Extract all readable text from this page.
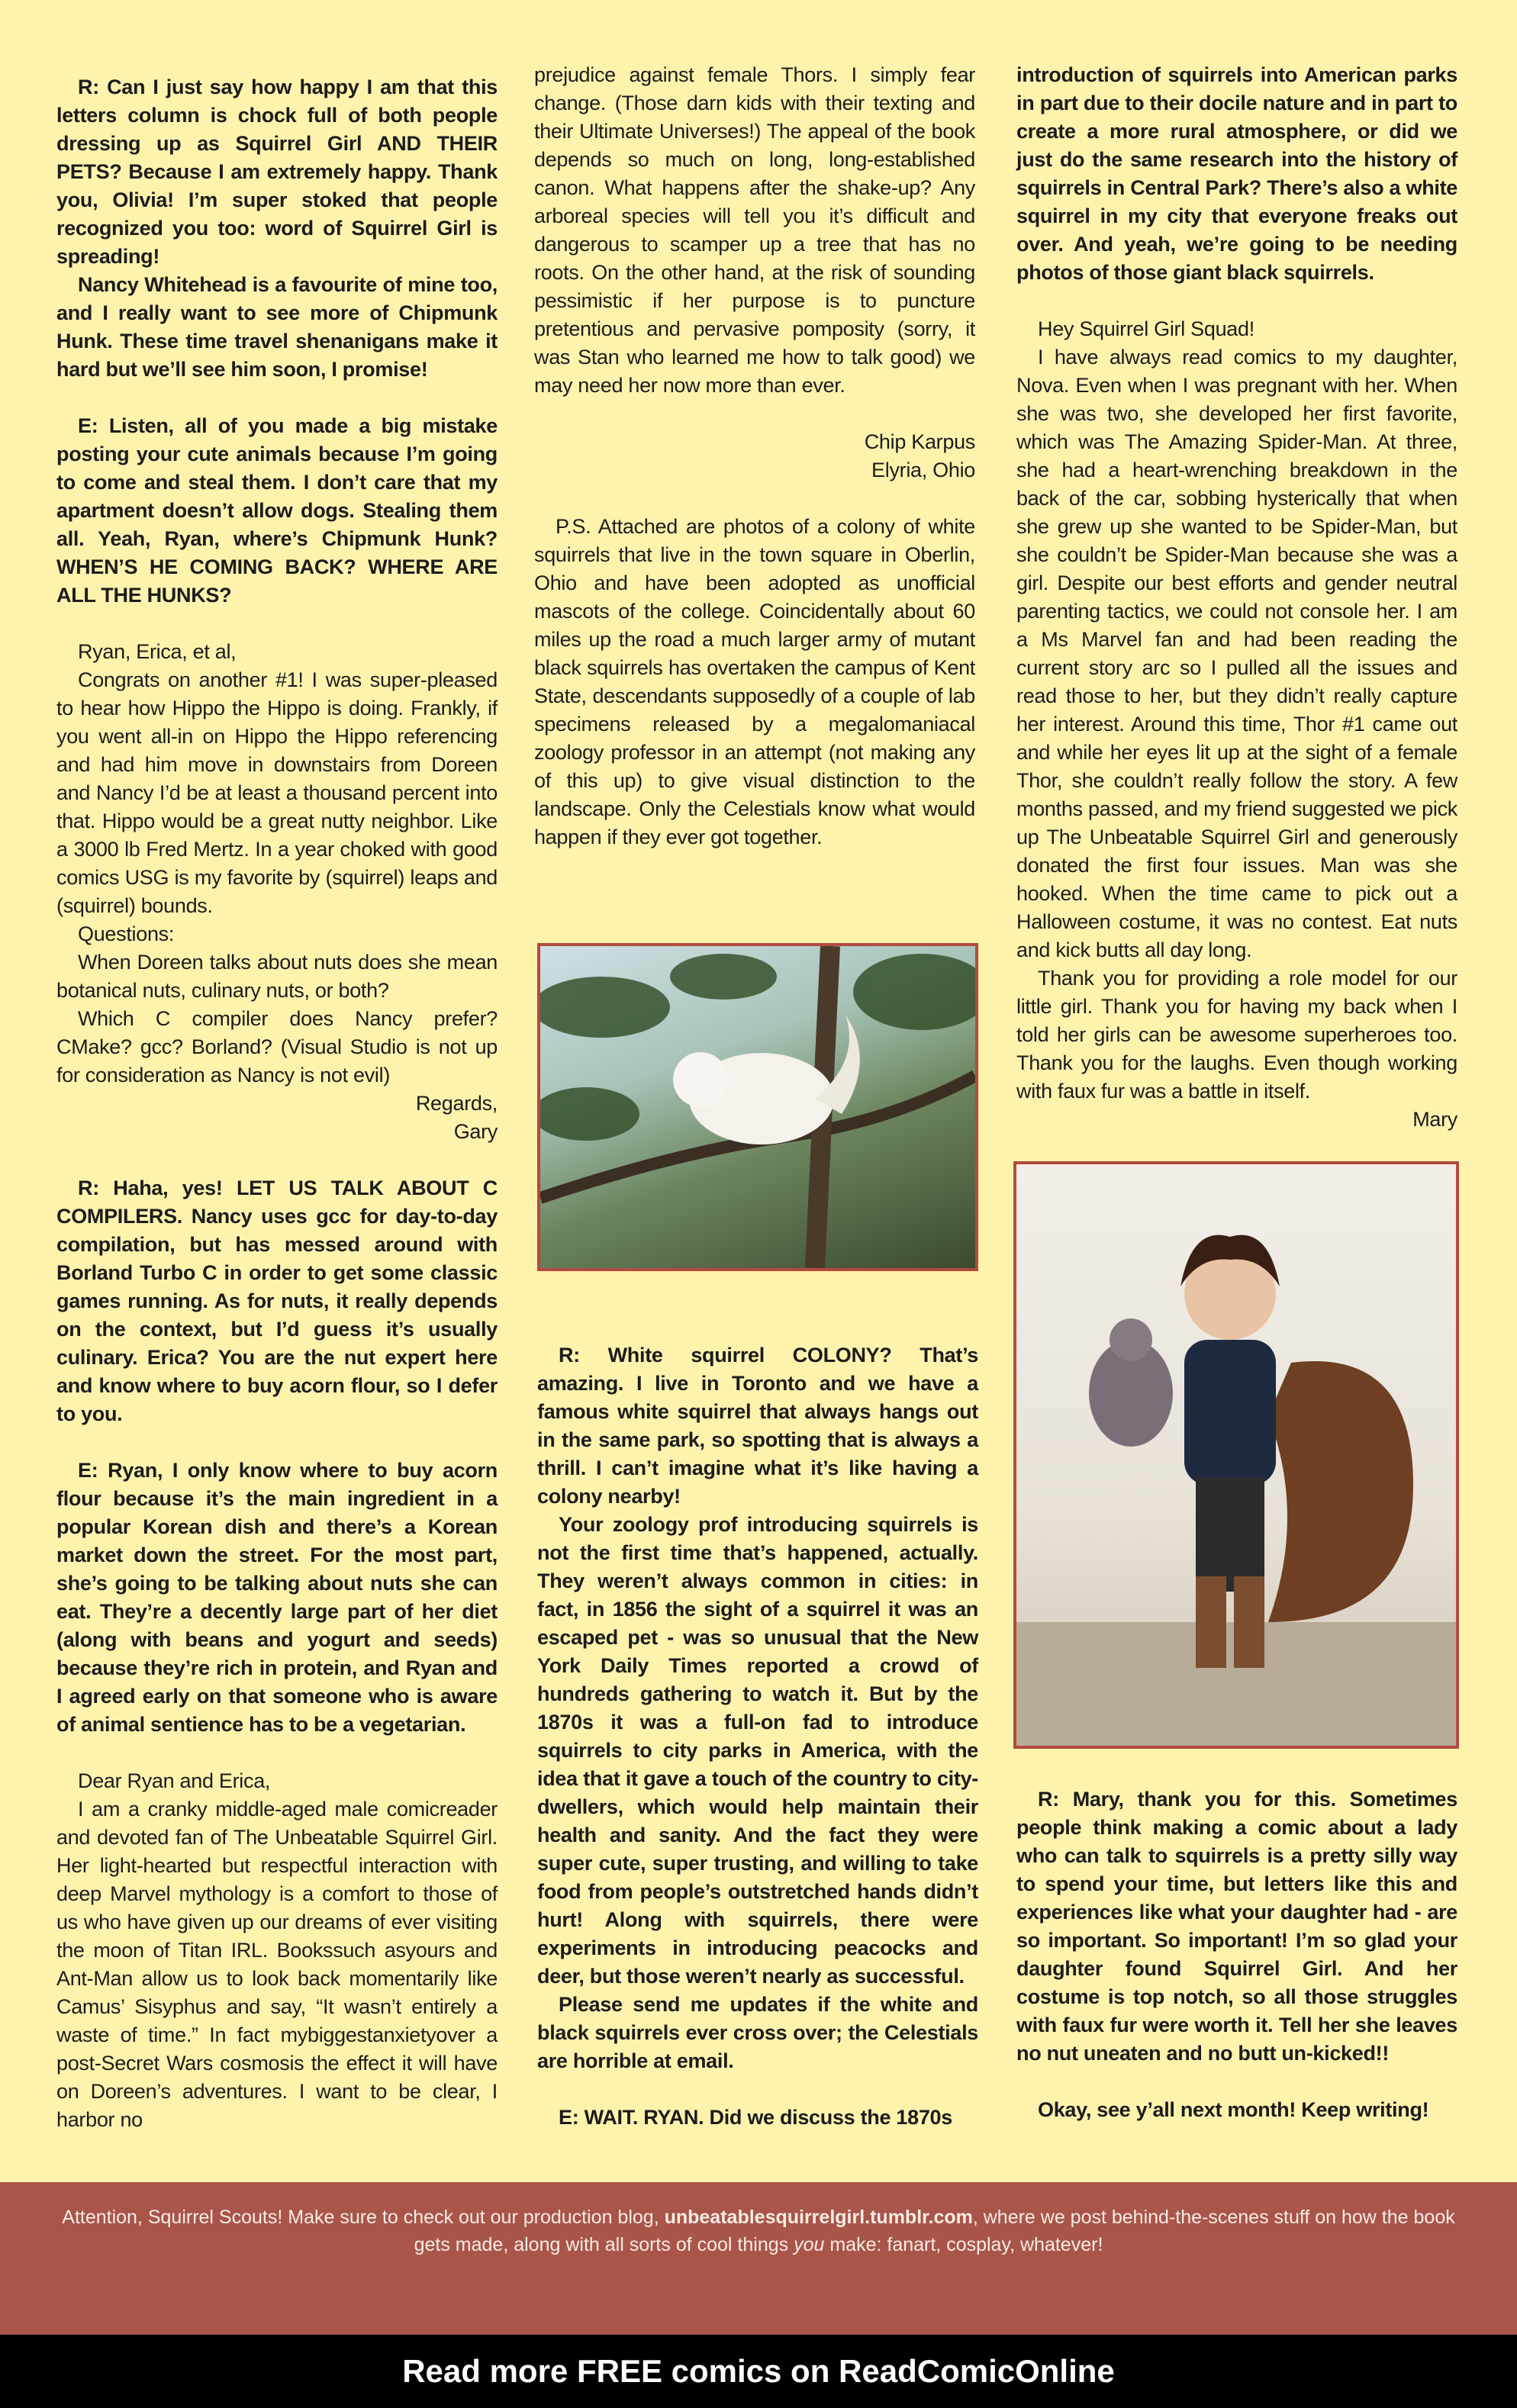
R: Can I just say how happy I am that this letters column is chock full of both people dressing up as Squirrel Girl AND THEIR PETS? Because I am extremely happy. Thank you, Olivia! I’m super stoked that people recognized you too: word of Squirrel Girl is spreading!

Nancy Whitehead is a favourite of mine too, and I really want to see more of Chipmunk Hunk. These time travel shenanigans make it hard but we’ll see him soon, I promise!

E: Listen, all of you made a big mistake posting your cute animals because I’m going to come and steal them. I don’t care that my apartment doesn’t allow dogs. Stealing them all. Yeah, Ryan, where’s Chipmunk Hunk? WHEN’S HE COMING BACK? WHERE ARE ALL THE HUNKS?

Ryan, Erica, et al,

Congrats on another #1! I was super-pleased to hear how Hippo the Hippo is doing. Frankly, if you went all-in on Hippo the Hippo referencing and had him move in downstairs from Doreen and Nancy I’d be at least a thousand percent into that. Hippo would be a great nutty neighbor. Like a 3000 lb Fred Mertz. In a year choked with good comics USG is my favorite by (squirrel) leaps and (squirrel) bounds.

Questions:

When Doreen talks about nuts does she mean botanical nuts, culinary nuts, or both?

Which C compiler does Nancy prefer? CMake? gcc? Borland? (Visual Studio is not up for consideration as Nancy is not evil)

Regards,

Gary

R: Haha, yes! LET US TALK ABOUT C COMPILERS. Nancy uses gcc for day-to-day compilation, but has messed around with Borland Turbo C in order to get some classic games running. As for nuts, it really depends on the context, but I’d guess it’s usually culinary. Erica? You are the nut expert here and know where to buy acorn flour, so I defer to you.

E: Ryan, I only know where to buy acorn flour because it’s the main ingredient in a popular Korean dish and there’s a Korean market down the street. For the most part, she’s going to be talking about nuts she can eat. They’re a decently large part of her diet (along with beans and yogurt and seeds) because they’re rich in protein, and Ryan and I agreed early on that someone who is aware of animal sentience has to be a vegetarian.

Dear Ryan and Erica,

I am a cranky middle-aged male comicreader and devoted fan of The Unbeatable Squirrel Girl. Her light-hearted but respectful interaction with deep Marvel mythology is a comfort to those of us who have given up our dreams of ever visiting the moon of Titan IRL. Bookssuch asyours and Ant-Man allow us to look back momentarily like Camus’ Sisyphus and say, “It wasn’t entirely a waste of time.” In fact mybiggestanxietyover a post-Secret Wars cosmosis the effect it will have on Doreen’s adventures. I want to be clear, I harbor no

prejudice against female Thors. I simply fear change. (Those darn kids with their texting and their Ultimate Universes!) The appeal of the book depends so much on long, long-established canon. What happens after the shake-up? Any arboreal species will tell you it’s difficult and dangerous to scamper up a tree that has no roots. On the other hand, at the risk of sounding pessimistic if her purpose is to puncture pretentious and pervasive pomposity (sorry, it was Stan who learned me how to talk good) we may need her now more than ever.

Chip Karpus

Elyria, Ohio

P.S. Attached are photos of a colony of white squirrels that live in the town square in Oberlin, Ohio and have been adopted as unofficial mascots of the college. Coincidentally about 60 miles up the road a much larger army of mutant black squirrels has overtaken the campus of Kent State, descendants supposedly of a couple of lab specimens released by a megalomaniacal zoology professor in an attempt (not making any of this up) to give visual distinction to the landscape. Only the Celestials know what would happen if they ever got together.

R: White squirrel COLONY? That’s amazing. I live in Toronto and we have a famous white squirrel that always hangs out in the same park, so spotting that is always a thrill. I can’t imagine what it’s like having a colony nearby!

Your zoology prof introducing squirrels is not the first time that’s happened, actually. They weren’t always common in cities: in fact, in 1856 the sight of a squirrel it was an escaped pet - was so unusual that the New York Daily Times reported a crowd of hundreds gathering to watch it. But by the 1870s it was a full-on fad to introduce squirrels to city parks in America, with the idea that it gave a touch of the country to city-dwellers, which would help maintain their health and sanity. And the fact they were super cute, super trusting, and willing to take food from people’s outstretched hands didn’t hurt! Along with squirrels, there were experiments in introducing peacocks and deer, but those weren’t nearly as successful.

Please send me updates if the white and black squirrels ever cross over; the Celestials are horrible at email.

E: WAIT. RYAN. Did we discuss the 1870s

introduction of squirrels into American parks in part due to their docile nature and in part to create a more rural atmosphere, or did we just do the same research into the history of squirrels in Central Park? There’s also a white squirrel in my city that everyone freaks out over. And yeah, we’re going to be needing photos of those giant black squirrels.

Hey Squirrel Girl Squad!

I have always read comics to my daughter, Nova. Even when I was pregnant with her. When she was two, she developed her first favorite, which was The Amazing Spider-Man. At three, she had a heart-wrenching breakdown in the back of the car, sobbing hysterically that when she grew up she wanted to be Spider-Man, but she couldn’t be Spider-Man because she was a girl. Despite our best efforts and gender neutral parenting tactics, we could not console her. I am a Ms Marvel fan and had been reading the current story arc so I pulled all the issues and read those to her, but they didn’t really capture her interest. Around this time, Thor #1 came out and while her eyes lit up at the sight of a female Thor, she couldn’t really follow the story. A few months passed, and my friend suggested we pick up The Unbeatable Squirrel Girl and generously donated the first four issues. Man was she hooked. When the time came to pick out a Halloween costume, it was no contest. Eat nuts and kick butts all day long.

Thank you for providing a role model for our little girl. Thank you for having my back when I told her girls can be awesome superheroes too. Thank you for the laughs. Even though working with faux fur was a battle in itself.

Mary

R: Mary, thank you for this. Sometimes people think making a comic about a lady who can talk to squirrels is a pretty silly way to spend your time, but letters like this and experiences like what your daughter had - are so important. So important! I’m so glad your daughter found Squirrel Girl. And her costume is top notch, so all those struggles with faux fur were worth it. Tell her she leaves no nut uneaten and no butt un-kicked!!

Okay, see y’all next month! Keep writing!

Attention, Squirrel Scouts! Make sure to check out our production blog, unbeatablesquirrelgirl.tumblr.com, where we post behind-the-scenes stuff on how the book gets made, along with all sorts of cool things you make: fanart, cosplay, whatever!
Read more FREE comics on ReadComicOnline
